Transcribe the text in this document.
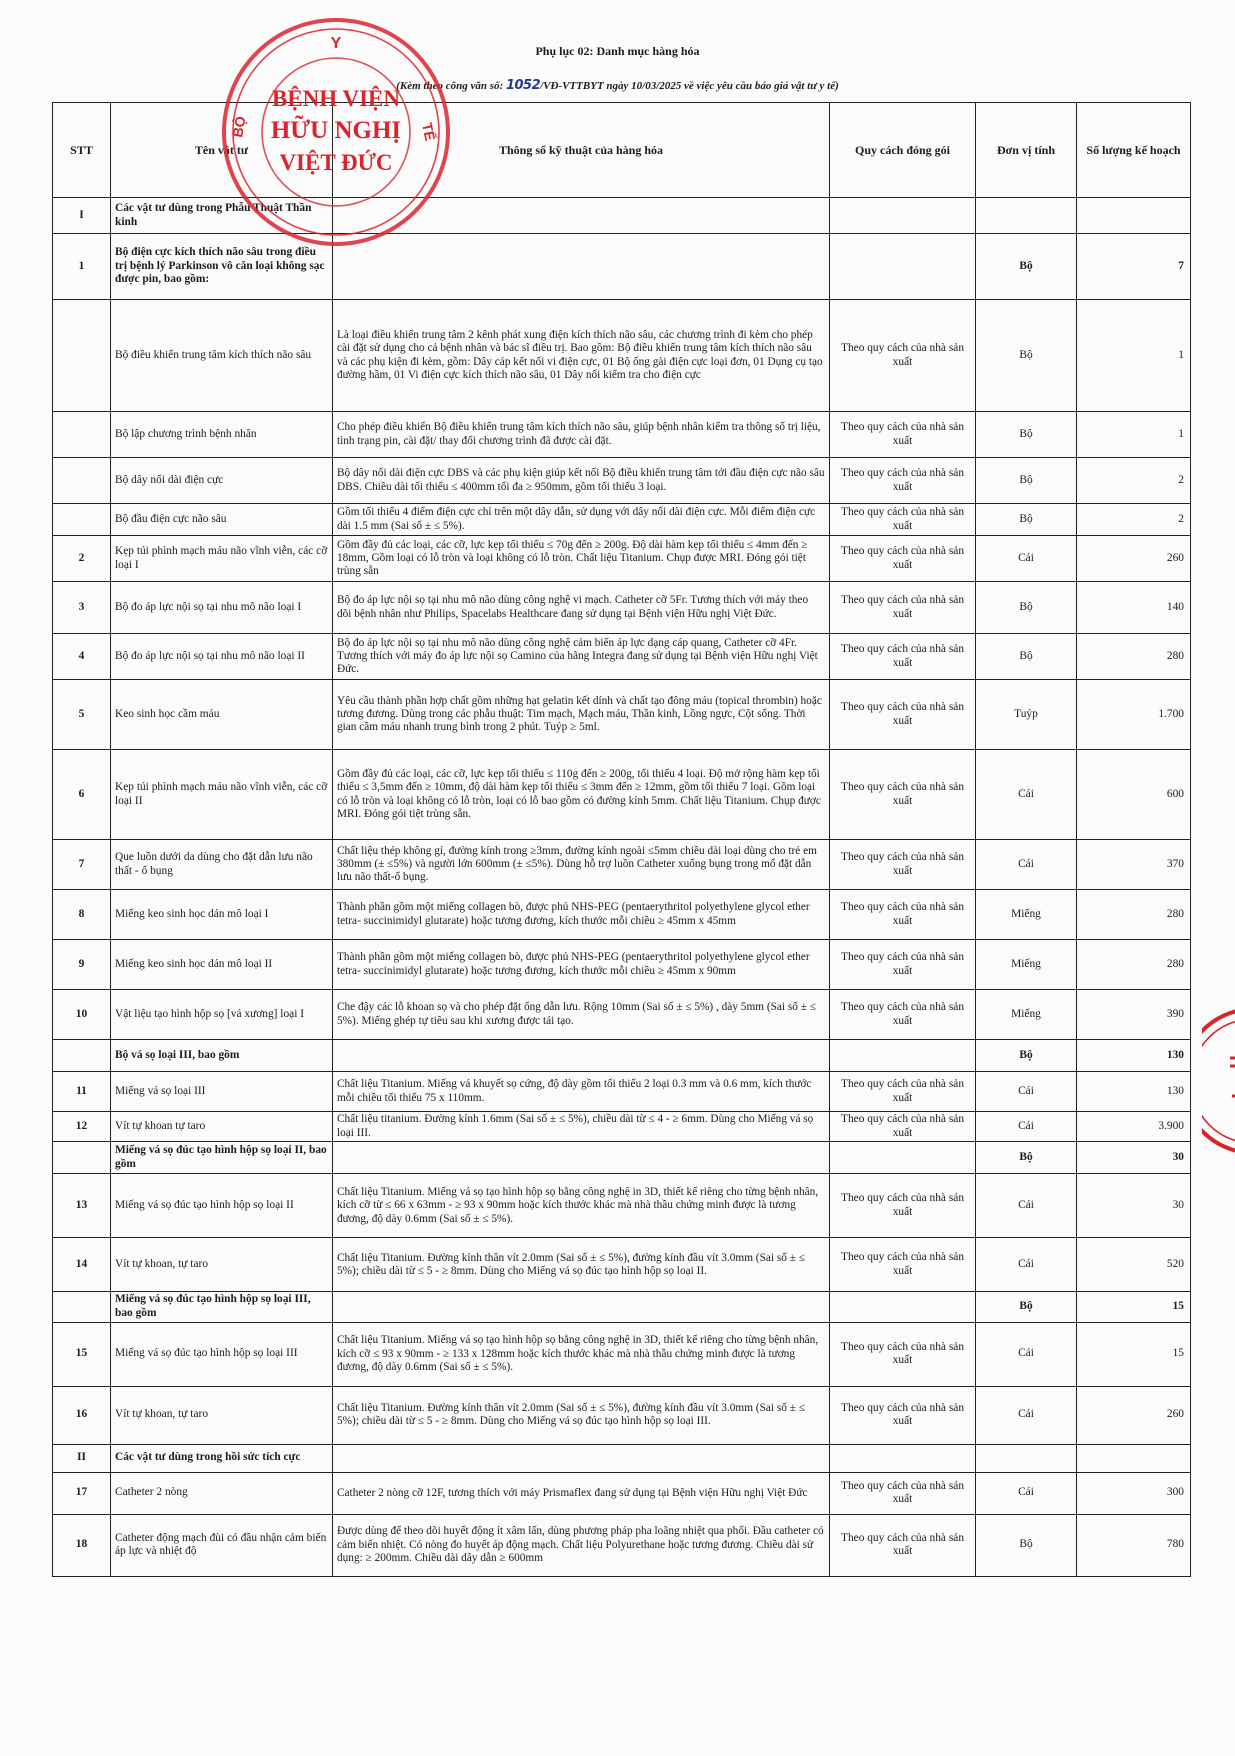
Phụ lục 02: Danh mục hàng hóa
(Kèm theo công văn số: 1052/VĐ-VTTBYT ngày 10/03/2025 về việc yêu cầu báo giá vật tư y tế)
STT	Tên vật tư	Thông số kỹ thuật của hàng hóa	Quy cách đóng gói	Đơn vị tính	Số lượng kế hoạch
I	Các vật tư dùng trong Phẫu Thuật Thần kinh				
1	Bộ điện cực kích thích não sâu trong điều trị bệnh lý Parkinson vô căn loại không sạc được pin, bao gồm:			Bộ	7
	Bộ điều khiển trung tâm kích thích não sâu	Là loại điều khiển trung tâm 2 kênh phát xung điện kích thích não sâu, các chương trình đi kèm cho phép cài đặt sử dụng cho cả bệnh nhân và bác sĩ điều trị. Bao gồm: Bộ điều khiển trung tâm kích thích não sâu và các phụ kiện đi kèm, gồm: Dây cáp kết nối vi điện cực, 01 Bộ ống gài điện cực loại đơn, 01 Dụng cụ tạo đường hầm, 01 Vi điện cực kích thích não sâu, 01 Dây nối kiểm tra cho điện cực	Theo quy cách của nhà sản xuất	Bộ	1
	Bộ lập chương trình bệnh nhân	Cho phép điều khiển Bộ điều khiển trung tâm kích thích não sâu, giúp bệnh nhân kiểm tra thông số trị liệu, tình trạng pin, cài đặt/ thay đổi chương trình đã được cài đặt.	Theo quy cách của nhà sản xuất	Bộ	1
	Bộ dây nối dài điện cực	Bộ dây nối dài điện cực DBS và các phụ kiện giúp kết nối Bộ điều khiển trung tâm tới đầu điện cực não sâu DBS. Chiều dài tối thiểu ≤ 400mm tối đa ≥ 950mm, gồm tối thiểu 3 loại.	Theo quy cách của nhà sản xuất	Bộ	2
	Bộ đầu điện cực não sâu	Gồm tối thiểu 4 điểm điện cực chỉ trên một dây dẫn, sử dụng với dây nối dài điện cực. Mỗi điểm điện cực dài 1.5 mm (Sai số ± ≤ 5%).	Theo quy cách của nhà sản xuất	Bộ	2
2	Kẹp túi phình mạch máu não vĩnh viễn, các cỡ loại I	Gồm đầy đủ các loại, các cỡ, lực kẹp tối thiểu ≤ 70g đến ≥ 200g. Độ dài hàm kẹp tối thiểu ≤ 4mm đến ≥ 18mm, Gồm loại có lỗ tròn và loại không có lỗ tròn. Chất liệu Titanium. Chụp được MRI. Đóng gói tiệt trùng sẵn	Theo quy cách của nhà sản xuất	Cái	260
3	Bộ đo áp lực nội sọ tại nhu mô não loại I	Bộ đo áp lực nội sọ tại nhu mô não dùng công nghệ vi mạch. Catheter cỡ 5Fr. Tương thích với máy theo dõi bệnh nhân như Philips, Spacelabs Healthcare đang sử dụng tại Bệnh viện Hữu nghị Việt Đức.	Theo quy cách của nhà sản xuất	Bộ	140
4	Bộ đo áp lực nội sọ tại nhu mô não loại II	Bộ đo áp lực nội sọ tại nhu mô não dùng công nghệ cảm biến áp lực dạng cáp quang, Catheter cỡ 4Fr. Tương thích với máy đo áp lực nội sọ Camino của hãng Integra đang sử dụng tại Bệnh viện Hữu nghị Việt Đức.	Theo quy cách của nhà sản xuất	Bộ	280
5	Keo sinh học cầm máu	Yêu cầu thành phần hợp chất gồm những hạt gelatin kết dính và chất tạo đông máu (topical thrombin) hoặc tương đương. Dùng trong các phẫu thuật: Tim mạch, Mạch máu, Thần kinh, Lồng ngực, Cột sống. Thời gian cầm máu nhanh trung bình trong 2 phút. Tuýp ≥ 5ml.	Theo quy cách của nhà sản xuất	Tuýp	1.700
6	Kẹp túi phình mạch máu não vĩnh viễn, các cỡ loại II	Gồm đầy đủ các loại, các cỡ, lực kẹp tối thiểu ≤ 110g đến ≥ 200g, tối thiểu 4 loại. Độ mở rộng hàm kẹp tối thiểu ≤ 3,5mm đến ≥ 10mm, độ dài hàm kẹp tối thiểu ≤ 3mm đến ≥ 12mm, gồm tối thiểu 7 loại. Gồm loại có lỗ tròn và loại không có lỗ tròn, loại có lỗ bao gồm có đường kính 5mm. Chất liệu Titanium. Chụp được MRI. Đóng gói tiệt trùng sẵn.	Theo quy cách của nhà sản xuất	Cái	600
7	Que luồn dưới da dùng cho đặt dẫn lưu não thất - ổ bụng	Chất liệu thép không gỉ, đường kính trong ≥3mm, đường kính ngoài ≤5mm chiều dài loại dùng cho trẻ em 380mm (± ≤5%) và người lớn 600mm (± ≤5%). Dùng hỗ trợ luồn Catheter xuống bụng trong mổ đặt dẫn lưu não thất-ổ bụng.	Theo quy cách của nhà sản xuất	Cái	370
8	Miếng keo sinh học dán mô loại I	Thành phần gồm một miếng collagen bò, được phủ NHS-PEG (pentaerythritol polyethylene glycol ether tetra- succinimidyl glutarate) hoặc tương đương, kích thước mỗi chiều ≥ 45mm x 45mm	Theo quy cách của nhà sản xuất	Miếng	280
9	Miếng keo sinh học dán mô loại II	Thành phần gồm một miếng collagen bò, được phủ NHS-PEG (pentaerythritol polyethylene glycol ether tetra- succinimidyl glutarate) hoặc tương đương, kích thước mỗi chiều ≥ 45mm x 90mm	Theo quy cách của nhà sản xuất	Miếng	280
10	Vật liệu tạo hình hộp sọ [vá xương] loại I	Che đậy các lỗ khoan sọ và cho phép đặt ống dẫn lưu. Rộng 10mm (Sai số ± ≤ 5%) , dày 5mm (Sai số ± ≤ 5%). Miếng ghép tự tiêu sau khi xương được tái tạo.	Theo quy cách của nhà sản xuất	Miếng	390
	Bộ vá sọ loại III, bao gồm			Bộ	130
11	Miếng vá sọ loại III	Chất liệu Titanium. Miếng vá khuyết sọ cứng, độ dày gồm tối thiểu 2 loại 0.3 mm và 0.6 mm, kích thước mỗi chiều tối thiểu 75 x 110mm.	Theo quy cách của nhà sản xuất	Cái	130
12	Vít tự khoan tự taro	Chất liệu titanium. Đường kính 1.6mm (Sai số ± ≤ 5%), chiều dài từ ≤ 4 - ≥ 6mm. Dùng cho Miếng vá sọ loại III.	Theo quy cách của nhà sản xuất	Cái	3.900
	Miếng vá sọ đúc tạo hình hộp sọ loại II, bao gồm			Bộ	30
13	Miếng vá sọ đúc tạo hình hộp sọ loại II	Chất liệu Titanium. Miếng vá sọ tạo hình hộp sọ bằng công nghệ in 3D, thiết kế riêng cho từng bệnh nhân, kích cỡ từ ≤ 66 x 63mm - ≥ 93 x 90mm hoặc kích thước khác mà nhà thầu chứng minh được là tương đương, độ dày 0.6mm (Sai số ± ≤ 5%).	Theo quy cách của nhà sản xuất	Cái	30
14	Vít tự khoan, tự taro	Chất liệu Titanium. Đường kính thân vít 2.0mm (Sai số ± ≤ 5%), đường kính đầu vít 3.0mm (Sai số ± ≤ 5%); chiều dài từ ≤ 5 - ≥ 8mm. Dùng cho Miếng vá sọ đúc tạo hình hộp sọ loại II.	Theo quy cách của nhà sản xuất	Cái	520
	Miếng vá sọ đúc tạo hình hộp sọ loại III, bao gồm			Bộ	15
15	Miếng vá sọ đúc tạo hình hộp sọ loại III	Chất liệu Titanium. Miếng vá sọ tạo hình hộp sọ bằng công nghệ in 3D, thiết kế riêng cho từng bệnh nhân, kích cỡ ≤ 93 x 90mm - ≥ 133 x 128mm hoặc kích thước khác mà nhà thầu chứng minh được là tương đương, độ dày 0.6mm (Sai số ± ≤ 5%).	Theo quy cách của nhà sản xuất	Cái	15
16	Vít tự khoan, tự taro	Chất liệu Titanium. Đường kính thân vít 2.0mm (Sai số ± ≤ 5%), đường kính đầu vít 3.0mm (Sai số ± ≤ 5%); chiều dài từ ≤ 5 - ≥ 8mm. Dùng cho Miếng vá sọ đúc tạo hình hộp sọ loại III.	Theo quy cách của nhà sản xuất	Cái	260
II	Các vật tư dùng trong hồi sức tích cực				
17	Catheter 2 nòng	Catheter 2 nòng cỡ 12F, tương thích với máy Prismaflex đang sử dụng tại Bệnh viện Hữu nghị Việt Đức	Theo quy cách của nhà sản xuất	Cái	300
18	Catheter động mạch đùi có đầu nhận cảm biến áp lực và nhiệt độ	Được dùng để theo dõi huyết động ít xâm lấn, dùng phương pháp pha loãng nhiệt qua phổi. Đầu catheter có cảm biến nhiệt. Có nòng đo huyết áp động mạch. Chất liệu Polyurethane hoặc tương đương. Chiều dài sử dụng: ≥ 200mm. Chiều dài dây dẫn ≥ 600mm	Theo quy cách của nhà sản xuất	Bộ	780
Y
BỘ	TẾ
BỆNH VIỆN
HỮU NGHỊ
VIỆT ĐỨC
